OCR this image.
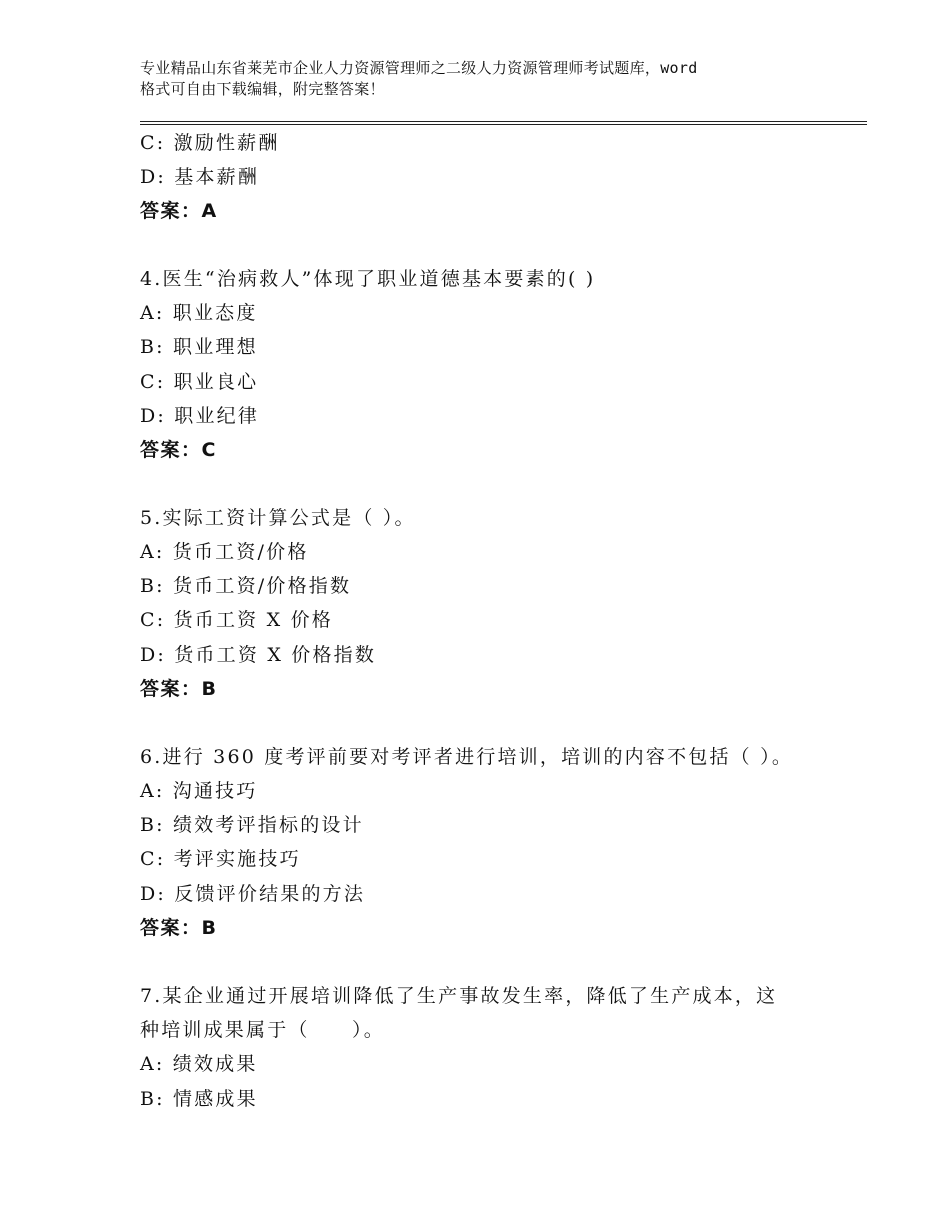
专业精品山东省莱芜市企业人力资源管理师之二级人力资源管理师考试题库，word
格式可自由下载编辑，附完整答案！
C: 激励性薪酬
D: 基本薪酬
答案：A
4.医生“治病救人”体现了职业道德基本要素的( )
A: 职业态度
B: 职业理想
C: 职业良心
D: 职业纪律
答案：C
5.实际工资计算公式是（ ）。
A: 货币工资/价格
B: 货币工资/价格指数
C: 货币工资 X 价格
D: 货币工资 X 价格指数
答案：B
6.进行 360 度考评前要对考评者进行培训，培训的内容不包括（ ）。
A: 沟通技巧
B: 绩效考评指标的设计
C: 考评实施技巧
D: 反馈评价结果的方法
答案：B
7.某企业通过开展培训降低了生产事故发生率，降低了生产成本，这
种培训成果属于（　　）。
A: 绩效成果
B: 情感成果
